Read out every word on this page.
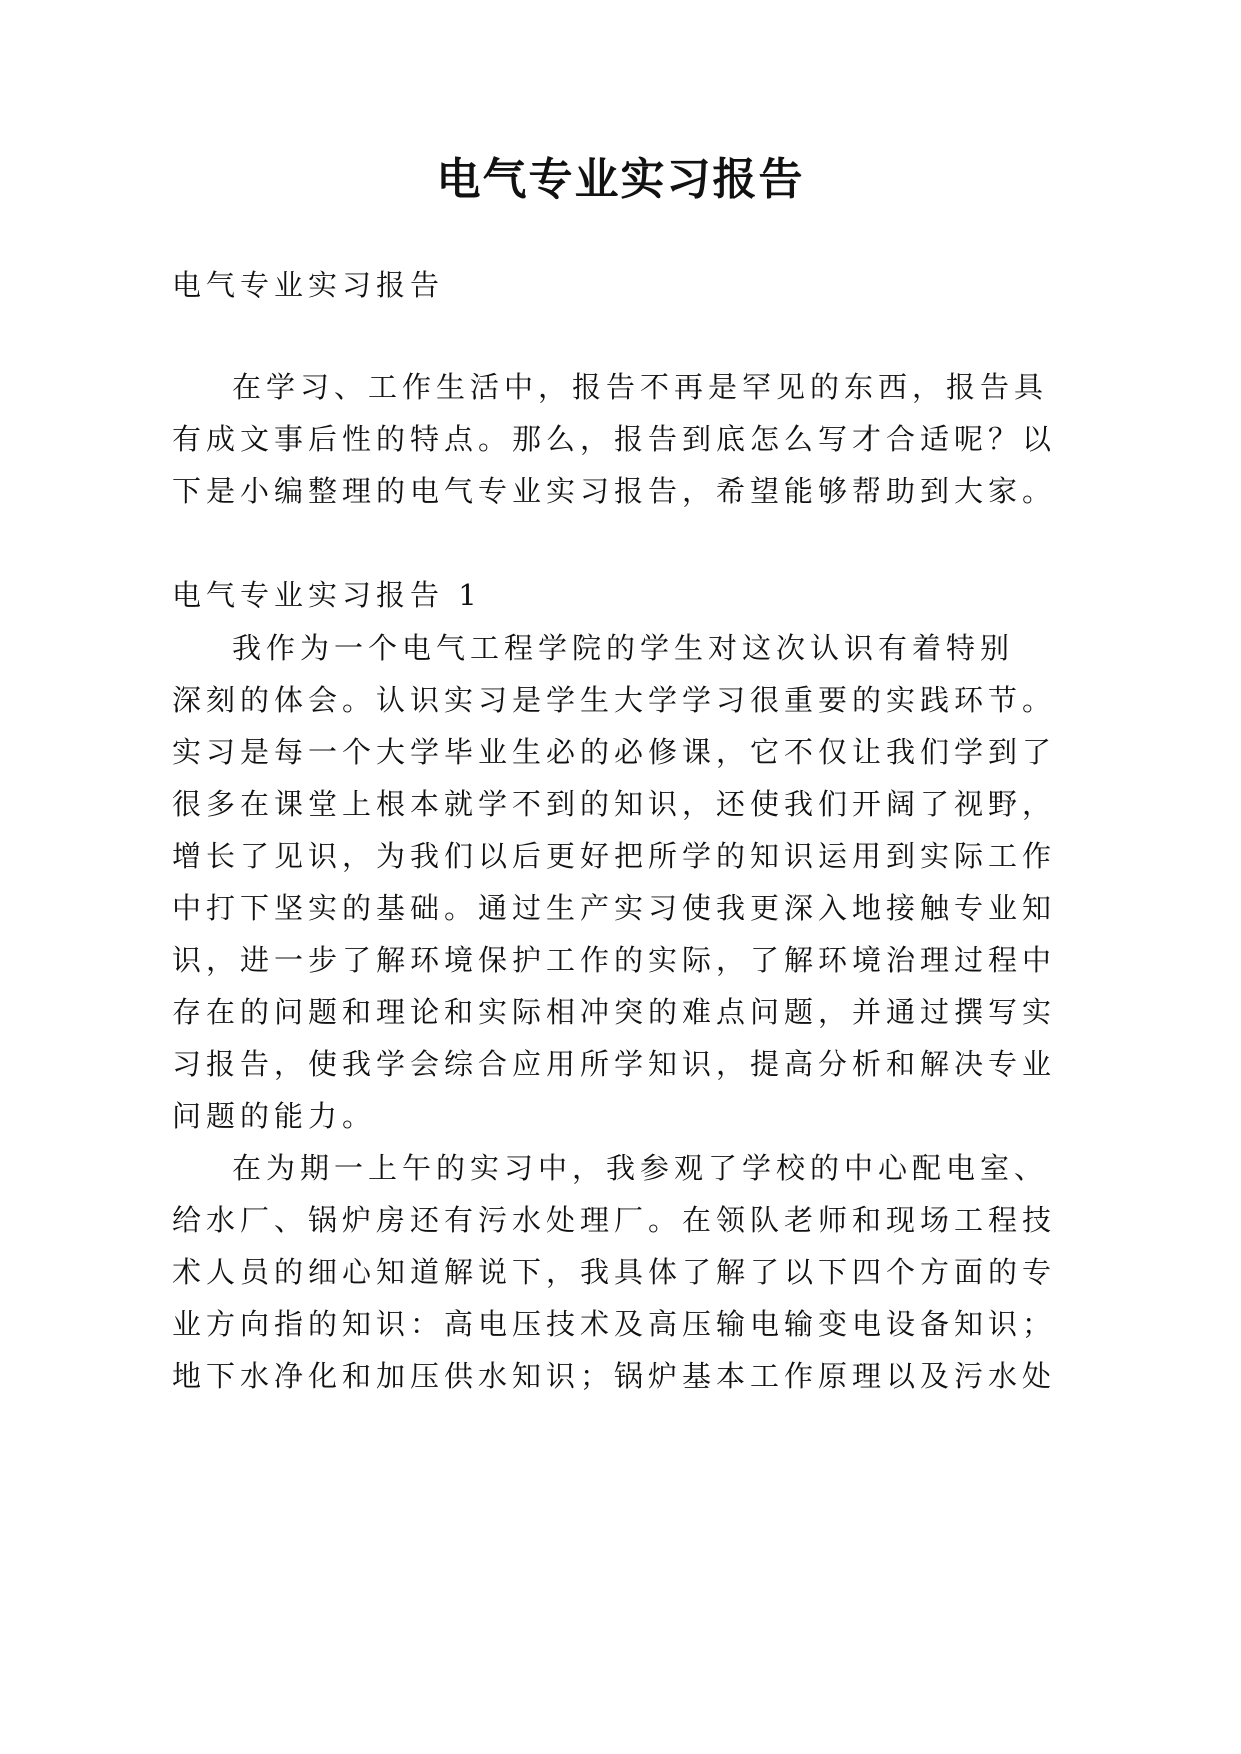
电气专业实习报告

电气专业实习报告

在学习、工作生活中，报告不再是罕见的东西，报告具

有成文事后性的特点。那么，报告到底怎么写才合适呢？以

下是小编整理的电气专业实习报告，希望能够帮助到大家。

电气专业实习报告 1

我作为一个电气工程学院的学生对这次认识有着特别

深刻的体会。认识实习是学生大学学习很重要的实践环节。

实习是每一个大学毕业生必的必修课，它不仅让我们学到了

很多在课堂上根本就学不到的知识，还使我们开阔了视野，

增长了见识，为我们以后更好把所学的知识运用到实际工作

中打下坚实的基础。通过生产实习使我更深入地接触专业知

识，进一步了解环境保护工作的实际，了解环境治理过程中

存在的问题和理论和实际相冲突的难点问题，并通过撰写实

习报告，使我学会综合应用所学知识，提高分析和解决专业

问题的能力。

在为期一上午的实习中，我参观了学校的中心配电室、

给水厂、锅炉房还有污水处理厂。在领队老师和现场工程技

术人员的细心知道解说下，我具体了解了以下四个方面的专

业方向指的知识：高电压技术及高压输电输变电设备知识；

地下水净化和加压供水知识；锅炉基本工作原理以及污水处
